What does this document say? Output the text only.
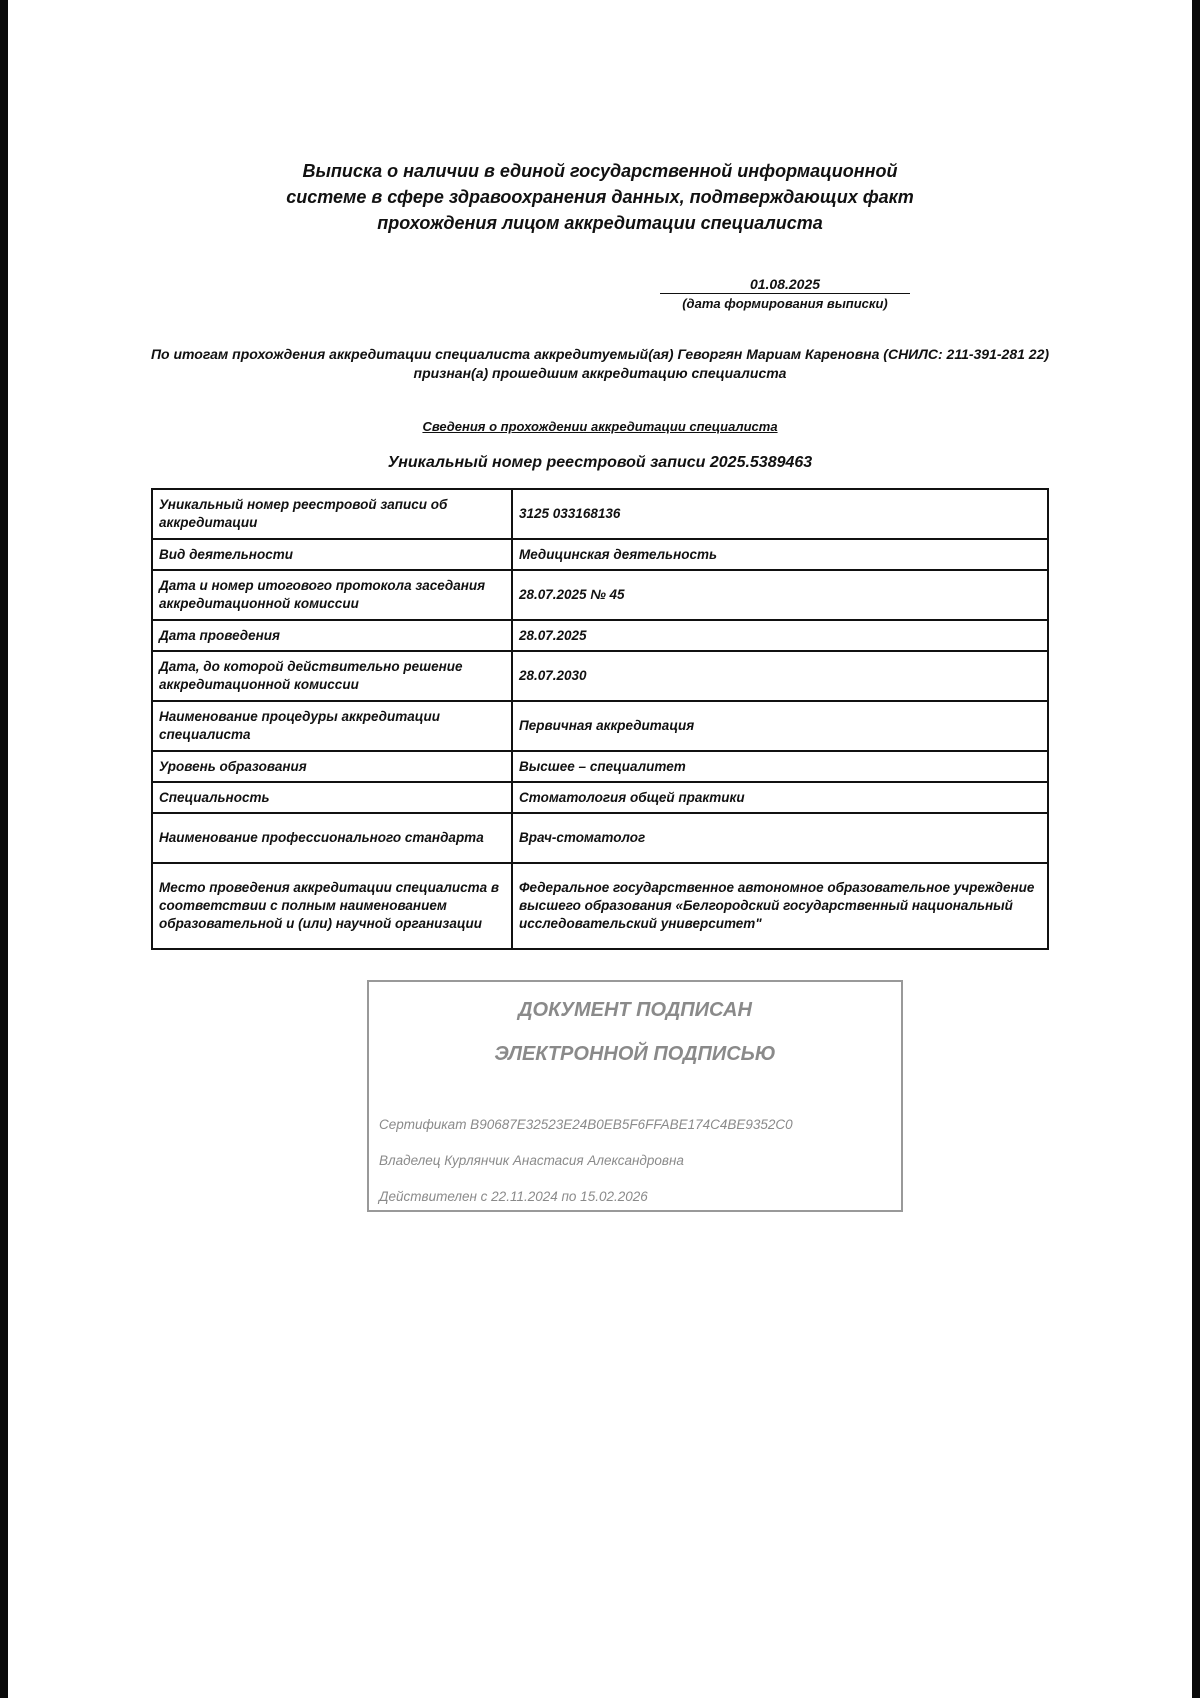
Выписка о наличии в единой государственной информационной
системе в сфере здравоохранения данных, подтверждающих факт
прохождения лицом аккредитации специалиста
01.08.2025
(дата формирования выписки)
По итогам прохождения аккредитации специалиста аккредитуемый(ая) Геворгян Мариам Кареновна (СНИЛС: 211-391-281 22) признан(а) прошедшим аккредитацию специалиста
Сведения о прохождении аккредитации специалиста
Уникальный номер реестровой записи 2025.5389463
Уникальный номер реестровой записи об аккредитации	3125 033168136
Вид деятельности	Медицинская деятельность
Дата и номер итогового протокола заседания аккредитационной комиссии	28.07.2025 № 45
Дата проведения	28.07.2025
Дата, до которой действительно решение аккредитационной комиссии	28.07.2030
Наименование процедуры аккредитации специалиста	Первичная аккредитация
Уровень образования	Высшее – специалитет
Специальность	Стоматология общей практики
Наименование профессионального стандарта	Врач-стоматолог
Место проведения аккредитации специалиста в соответствии с полным наименованием образовательной и (или) научной организации	Федеральное государственное автономное образовательное учреждение высшего образования «Белгородский государственный национальный исследовательский университет"
ДОКУМЕНТ ПОДПИСАН
ЭЛЕКТРОННОЙ ПОДПИСЬЮ
Сертификат B90687E32523E24B0EB5F6FFABE174C4BE9352C0
Владелец Курлянчик Анастасия Александровна
Действителен с 22.11.2024 по 15.02.2026
